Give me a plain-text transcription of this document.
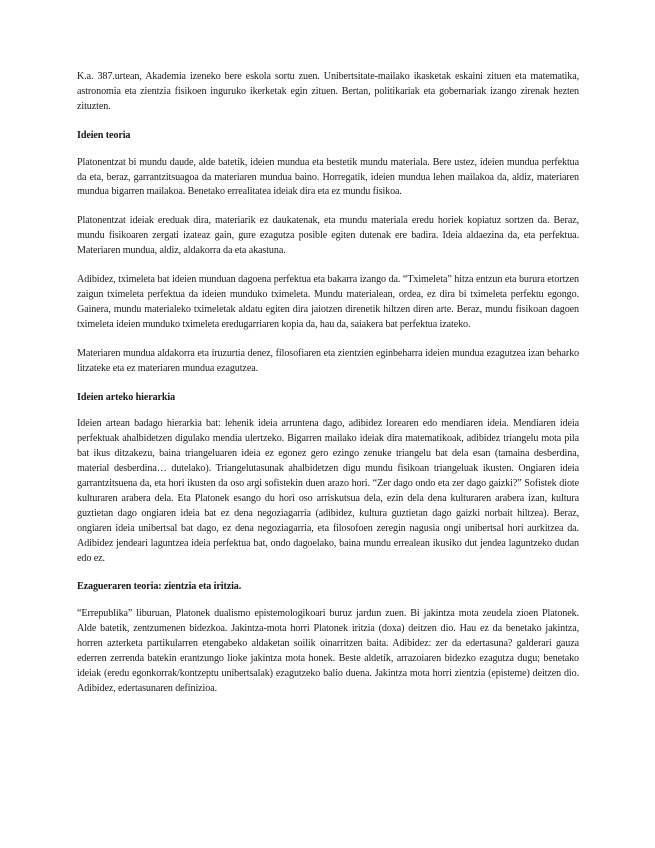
K.a. 387.urtean, Akademia izeneko bere eskola sortu zuen. Unibertsitate-mailako ikasketak eskaini zituen eta matematika, astronomia eta zientzia fisikoen inguruko ikerketak egin zituen. Bertan, politikariak eta gobernariak izango zirenak hezten zituzten.

Ideien teoria

Platonentzat bi mundu daude, alde batetik, ideien mundua eta bestetik mundu materiala. Bere ustez, ideien mundua perfektua da eta, beraz, garrantzitsuagoa da materiaren mundua baino. Horregatik, ideien mundua lehen mailakoa da, aldiz, materiaren mundua bigarren mailakoa. Benetako errealitatea ideiak dira eta ez mundu fisikoa.

Platonentzat ideiak ereduak dira, materiarik ez daukatenak, eta mundu materiala eredu horiek kopiatuz sortzen da. Beraz, mundu fisikoaren zergati izateaz gain, gure ezagutza posible egiten dutenak ere badira. Ideia aldaezina da, eta perfektua. Materiaren mundua, aldiz, aldakorra da eta akastuna.

Adibidez, tximeleta bat ideien munduan dagoena perfektua eta bakarra izango da. “Tximeleta” hitza entzun eta burura etortzen zaigun tximeleta perfektua da ideien munduko tximeleta. Mundu materialean, ordea, ez dira bi tximeleta perfektu egongo. Gainera, mundu materialeko tximeletak aldatu egiten dira jaiotzen direnetik hiltzen diren arte. Beraz, mundu fisikoan dagoen tximeleta ideien munduko tximeleta eredugarriaren kopia da, hau da, saiakera bat perfektua izateko.

Materiaren mundua aldakorra eta iruzurtia denez, filosofiaren eta zientzien eginbeharra ideien mundua ezagutzea izan beharko litzateke eta ez materiaren mundua ezagutzea.

Ideien arteko hierarkia

Ideien artean badago hierarkia bat: lehenik ideia arruntena dago, adibidez lorearen edo mendiaren ideia. Mendiaren ideia perfektuak ahalbidetzen digulako mendia ulertzeko. Bigarren mailako ideiak dira matematikoak, adibidez triangelu mota pila bat ikus ditzakezu, baina triangeluaren ideia ez egonez gero ezingo zenuke triangelu bat dela esan (tamaina desberdina, material desberdina… dutelako). Triangelutasunak ahalbidetzen digu mundu fisikoan triangeluak ikusten. Ongiaren ideia garrantzitsuena da, eta hori ikusten da oso argi sofistekin duen arazo hori. “Zer dago ondo eta zer dago gaizki?” Sofistek diote kulturaren arabera dela. Eta Platonek esango du hori oso arriskutsua dela, ezin dela dena kulturaren arabera izan, kultura guztietan dago ongiaren ideia bat ez dena negoziagarria (adibidez, kultura guztietan dago gaizki norbait hiltzea). Beraz, ongiaren ideia unibertsal bat dago, ez dena negoziagarria, eta filosofoen zeregin nagusia ongi unibertsal hori aurkitzea da. Adibidez jendeari laguntzea ideia perfektua bat, ondo dagoelako, baina mundu errealean ikusiko dut jendea laguntzeko dudan edo ez.

Ezagueraren teoria: zientzia eta iritzia.

“Errepublika” liburuan, Platonek dualismo epistemologikoari buruz jardun zuen. Bi jakintza mota zeudela zioen Platonek. Alde batetik, zentzumenen bidezkoa. Jakintza-mota horri Platonek iritzia (doxa) deitzen dio. Hau ez da benetako jakintza, horren azterketa partikularren etengabeko aldaketan soilik oinarritzen baita. Adibidez: zer da edertasuna? galderari gauza ederren zerrenda batekin erantzungo lioke jakintza mota honek. Beste aldetik, arrazoiaren bidezko ezagutza dugu; benetako ideiak (eredu egonkorrak/kontzeptu unibertsalak) ezagutzeko balio duena. Jakintza mota horri zientzia (episteme) deitzen dio. Adibidez, edertasunaren definizioa.
